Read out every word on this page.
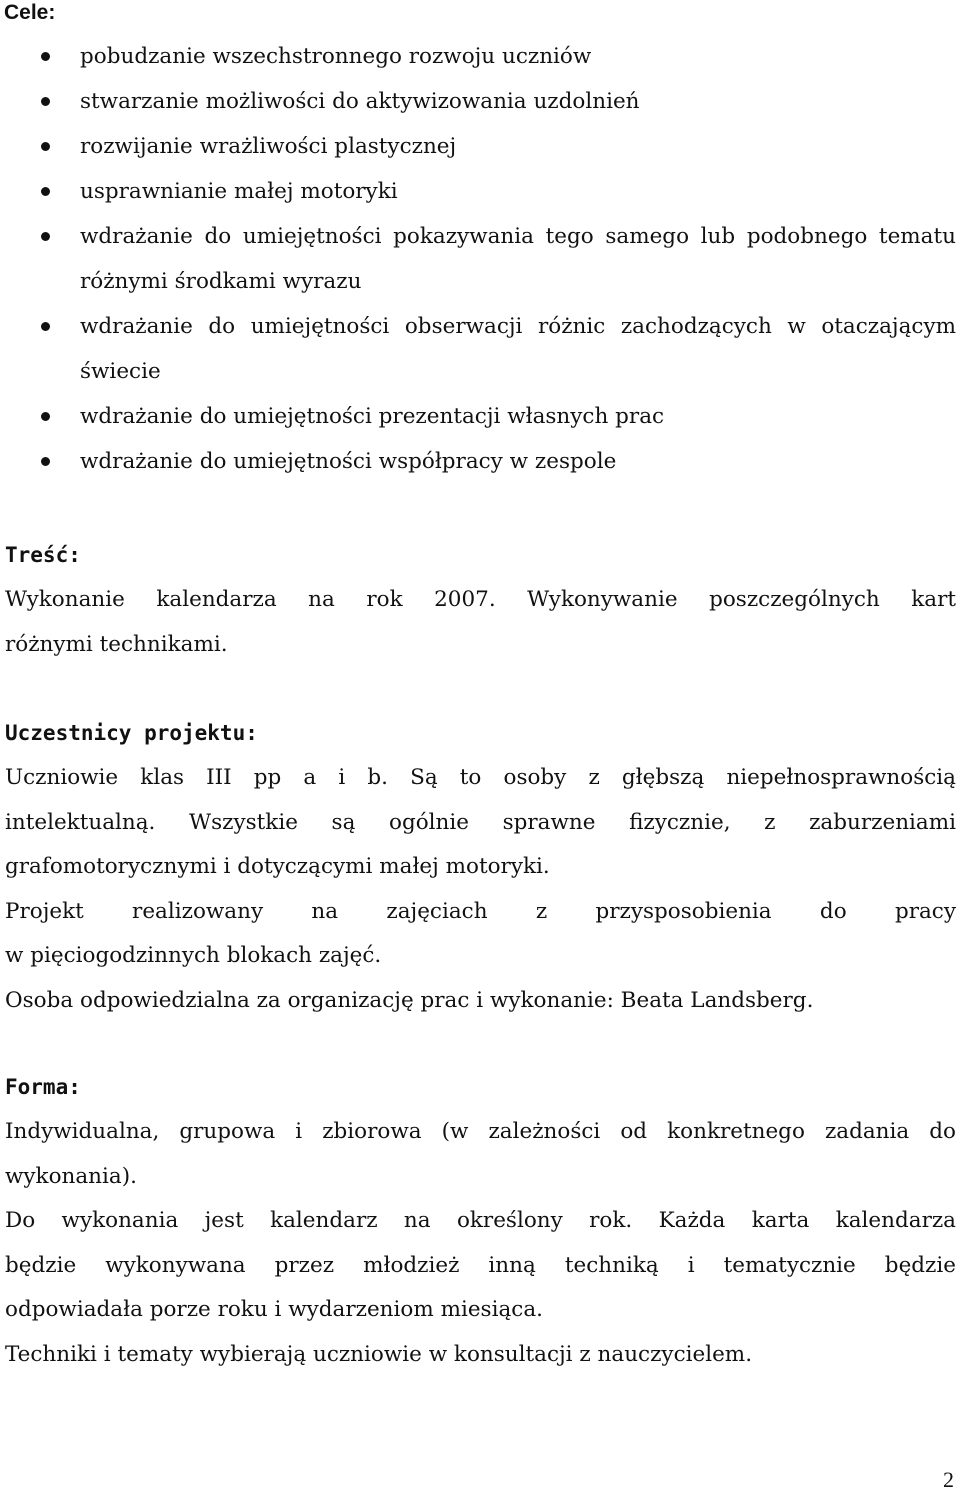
Cele:
pobudzanie wszechstronnego rozwoju uczniów
stwarzanie możliwości do aktywizowania uzdolnień
rozwijanie wrażliwości plastycznej
usprawnianie małej motoryki
wdrażanie do umiejętności pokazywania tego samego lub podobnego tematu różnymi środkami wyrazu
wdrażanie do umiejętności obserwacji różnic zachodzących w otaczającym świecie
wdrażanie do umiejętności prezentacji własnych prac
wdrażanie do umiejętności współpracy w zespole
Treść:
Wykonanie kalendarza na rok 2007. Wykonywanie poszczególnych kart
różnymi technikami.
Uczestnicy projektu:
Uczniowie klas III pp a i b. Są to osoby z głębszą niepełnosprawnością
intelektualną. Wszystkie są ogólnie sprawne fizycznie, z zaburzeniami
grafomotorycznymi i dotyczącymi małej motoryki.
Projekt realizowany na zajęciach z przysposobienia do pracy
w pięciogodzinnych blokach zajęć.
Osoba odpowiedzialna za organizację prac i wykonanie: Beata Landsberg.
Forma:
Indywidualna, grupowa i zbiorowa (w zależności od konkretnego zadania do
wykonania).
Do wykonania jest kalendarz na określony rok. Każda karta kalendarza
będzie wykonywana przez młodzież inną techniką i tematycznie będzie
odpowiadała porze roku i wydarzeniom miesiąca.
Techniki i tematy wybierają uczniowie w konsultacji z nauczycielem.
2
